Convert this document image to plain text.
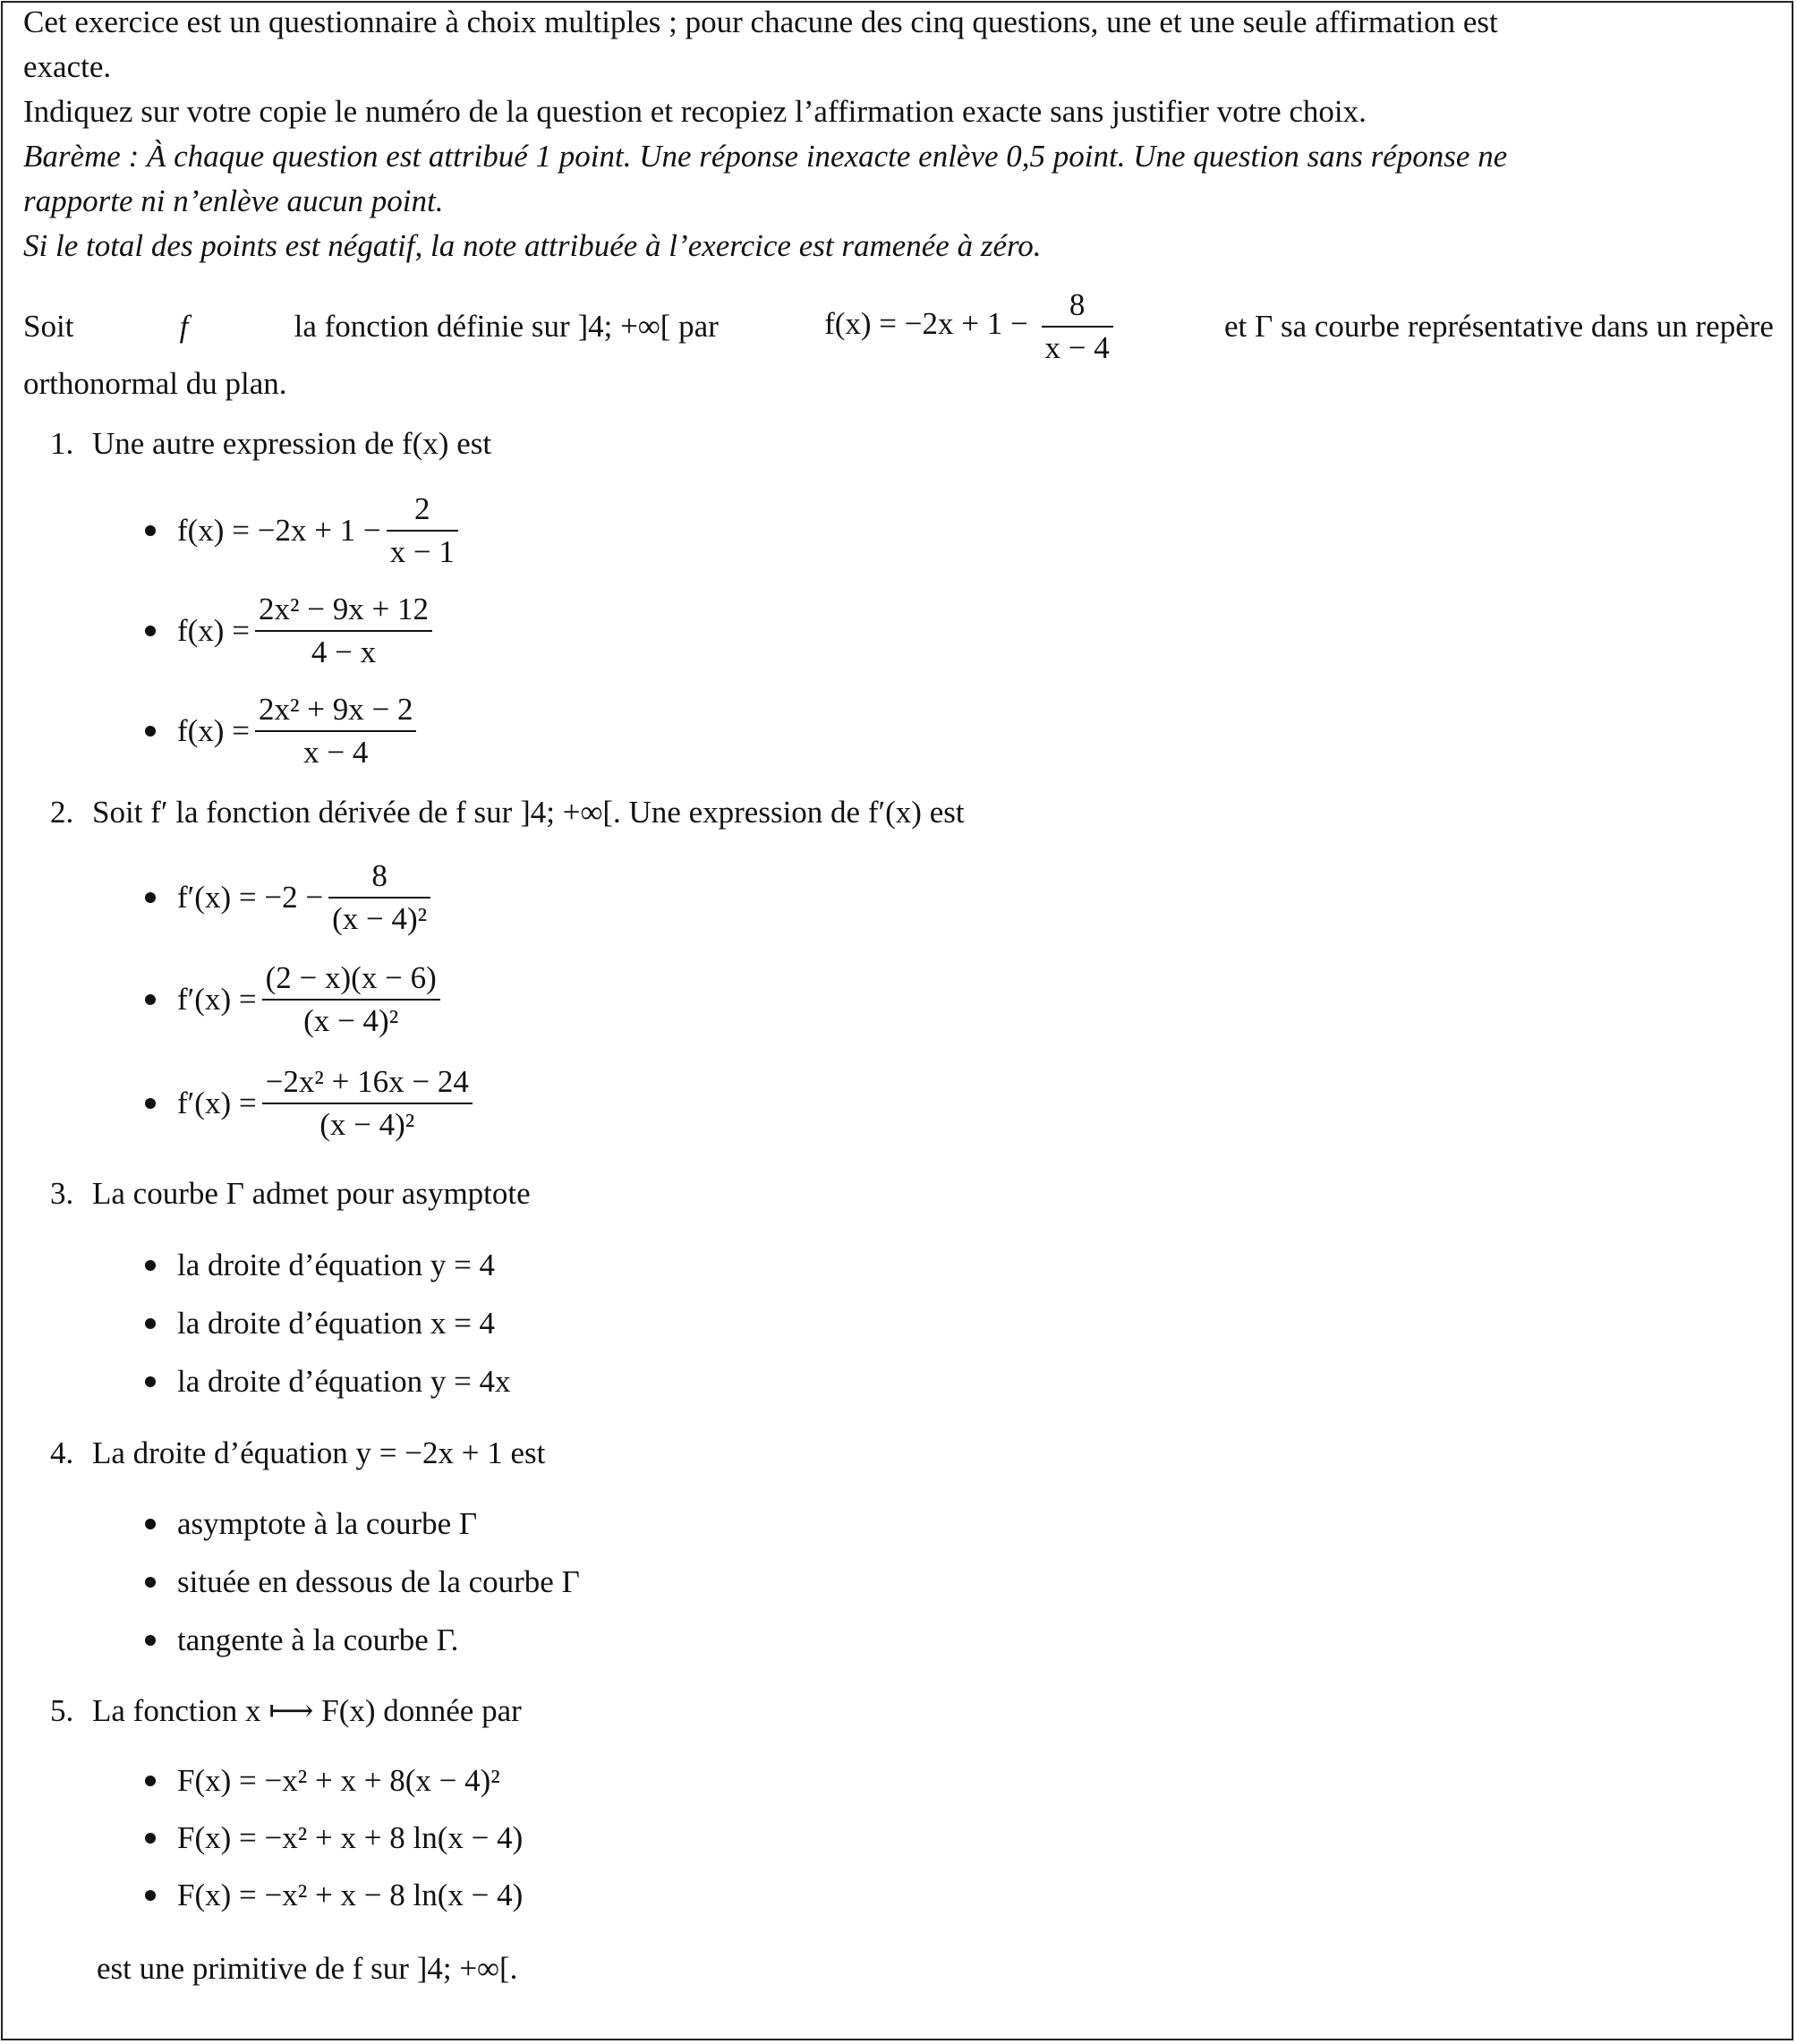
Cet exercice est un questionnaire à choix multiples ; pour chacune des cinq questions, une et une seule affirmation est

exacte.

Indiquez sur votre copie le numéro de la question et recopiez l’affirmation exacte sans justifier votre choix.

Barème : À chaque question est attribué 1 point. Une réponse inexacte enlève 0,5 point. Une question sans réponse ne

rapporte ni n’enlève aucun point.

Si le total des points est négatif, la note attribuée à l’exercice est ramenée à zéro.

Soit	f	la fonction définie sur ]4; +∞[ par	$f(x) = -2x + 1 - \frac{8}{x - 4}$	et Γ sa courbe représentative dans un repère

orthonormal du plan.

1. Une autre expression de f(x) est
$f(x) = -2x + 1 - \frac{2}{x - 1}$
$f(x) = \frac{\text{2x² − 9x + 12}}{4 - x}$
$f(x) = \frac{\text{2x² + 9x − 2}}{x - 4}$
2. Soit f′ la fonction dérivée de f sur ]4; +∞[. Une expression de f′(x) est
$f'(x) = -2 - \frac{8}{\text{(x − 4)²}}$
$f'(x) = \frac{(2 - x)(x - 6)}{\text{(x − 4)²}}$
$f'(x) = \frac{\text{−2x² + 16x − 24}}{\text{(x − 4)²}}$
3. La courbe Γ admet pour asymptote
la droite d’équation y = 4
la droite d’équation x = 4
la droite d’équation y = 4x
4. La droite d’équation y = −2x + 1 est
asymptote à la courbe Γ
située en dessous de la courbe Γ
tangente à la courbe Γ.
5. La fonction x ⟼ F(x) donnée par
F(x) = −x² + x + 8(x − 4)²
F(x) = −x² + x + 8 ln(x − 4)
F(x) = −x² + x − 8 ln(x − 4)
est une primitive de f sur ]4; +∞[.
